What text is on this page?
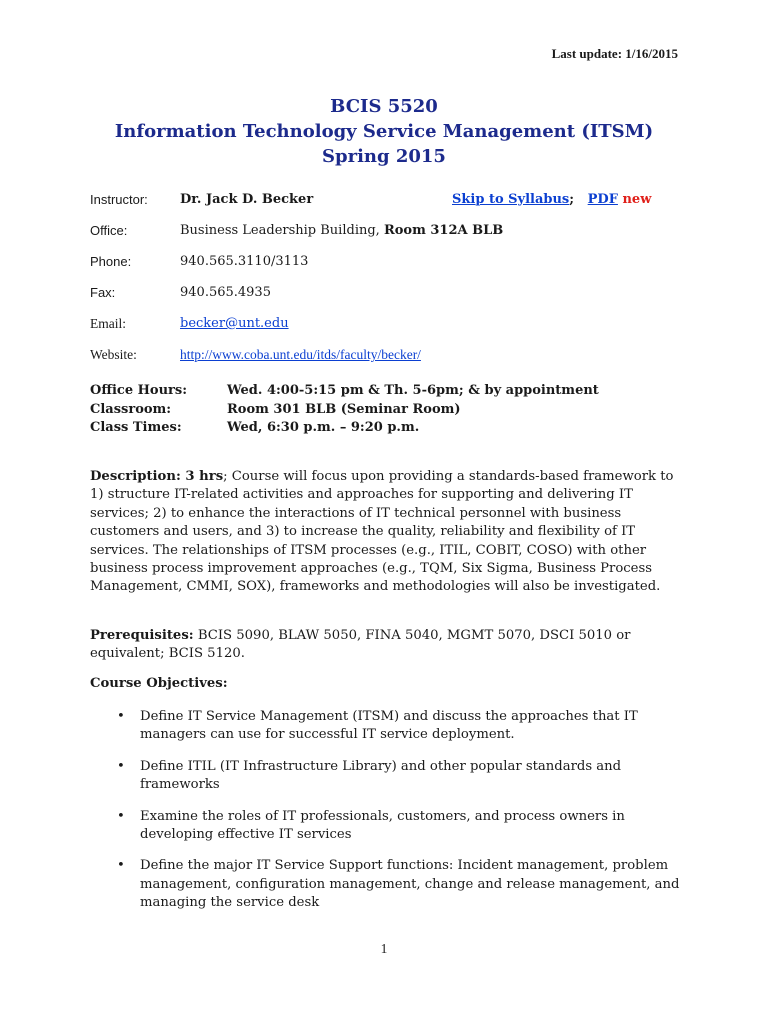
Last update: 1/16/2015
BCIS 5520
Information Technology Service Management (ITSM)
Spring 2015
Instructor: Dr. Jack D. Becker	Skip to Syllabus; PDF new
Office:	Business Leadership Building, Room 312A BLB
Phone:	940.565.3110/3113
Fax:	940.565.4935
Email:	becker@unt.edu
Website:	http://www.coba.unt.edu/itds/faculty/becker/
Office Hours:	Wed. 4:00-5:15 pm & Th. 5-6pm; & by appointment
Classroom:	Room 301 BLB (Seminar Room)
Class Times:	Wed, 6:30 p.m. – 9:20 p.m.

Description: 3 hrs; Course will focus upon providing a standards-based framework to 1) structure IT-related activities and approaches for supporting and delivering IT services; 2) to enhance the interactions of IT technical personnel with business customers and users, and 3) to increase the quality, reliability and flexibility of IT services. The relationships of ITSM processes (e.g., ITIL, COBIT, COSO) with other business process improvement approaches (e.g., TQM, Six Sigma, Business Process Management, CMMI, SOX), frameworks and methodologies will also be investigated.

Prerequisites: BCIS 5090, BLAW 5050, FINA 5040, MGMT 5070, DSCI 5010 or equivalent; BCIS 5120.

Course Objectives:

• Define IT Service Management (ITSM) and discuss the approaches that IT managers can use for successful IT service deployment.
• Define ITIL (IT Infrastructure Library) and other popular standards and frameworks
• Examine the roles of IT professionals, customers, and process owners in developing effective IT services
• Define the major IT Service Support functions: Incident management, problem management, configuration management, change and release management, and managing the service desk
1
